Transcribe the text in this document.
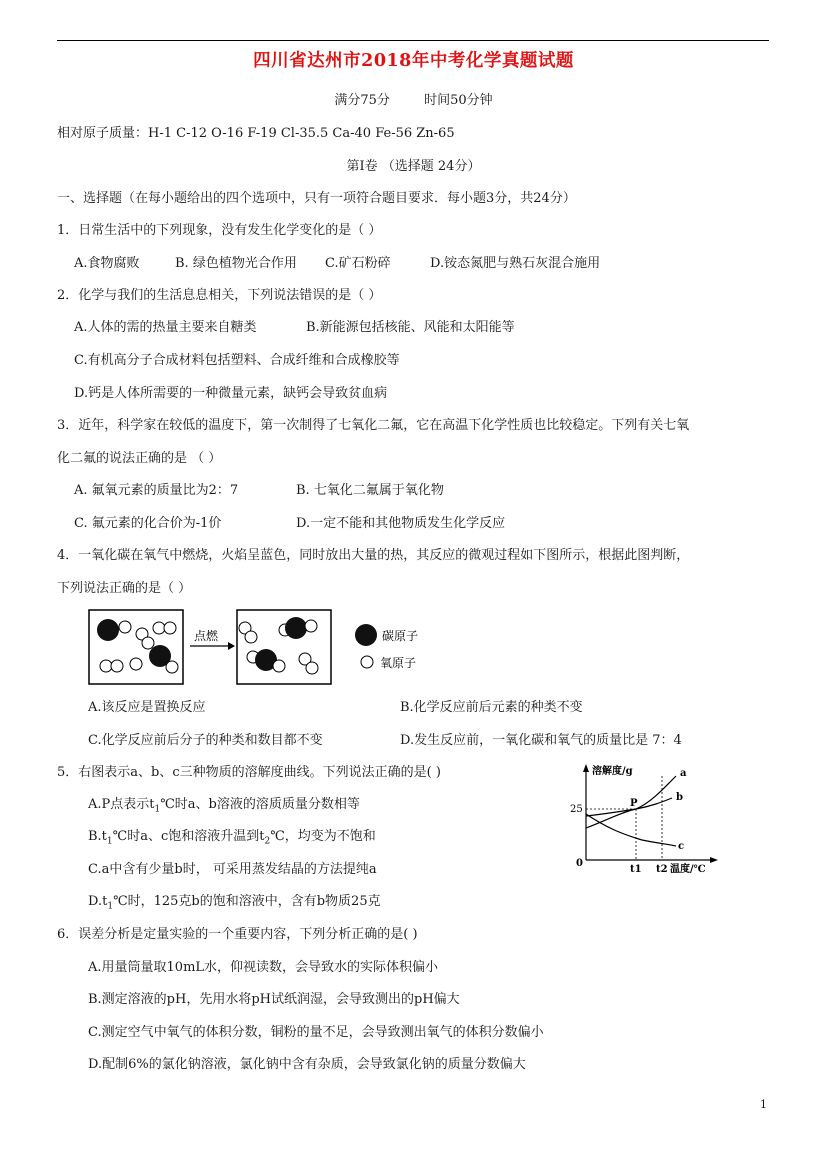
四川省达州市2018年中考化学真题试题
满分75分	时间50分钟
相对原子质量：H-1 C-12 O-16 F-19 Cl-35.5 Ca-40 Fe-56 Zn-65
第Ⅰ卷 （选择题 24分）
一、选择题（在每小题给出的四个选项中，只有一项符合题目要求．每小题3分，共24分）
1．日常生活中的下列现象，没有发生化学变化的是（ ）
A.食物腐败	B. 绿色植物光合作用 C.矿石粉碎	D.铵态氮肥与熟石灰混合施用
2．化学与我们的生活息息相关，下列说法错误的是（ ）
A.人体的需的热量主要来自糖类	B.新能源包括核能、风能和太阳能等
C.有机高分子合成材料包括塑料、合成纤维和合成橡胶等
D.钙是人体所需要的一种微量元素，缺钙会导致贫血病
3．近年，科学家在较低的温度下，第一次制得了七氧化二氟，它在高温下化学性质也比较稳定。下列有关七氧
化二氟的说法正确的是 （ ）
A. 氟氧元素的质量比为2：7	B. 七氧化二氟属于氧化物
C. 氟元素的化合价为-1价	D.一定不能和其他物质发生化学反应
4．一氧化碳在氧气中燃烧，火焰呈蓝色，同时放出大量的热，其反应的微观过程如下图所示，根据此图判断，
下列说法正确的是（ ）
点燃	碳原子
氧原子
A.该反应是置换反应	B.化学反应前后元素的种类不变
C.化学反应前后分子的种类和数目都不变	D.发生反应前，一氧化碳和氧气的质量比是 7：4
5．右图表示a、b、c三种物质的溶解度曲线。下列说法正确的是( )
A.P点表示$t_1℃$时a、b溶液的溶质质量分数相等
$B.t_1℃$时a、c饱和溶液升温到$t_2℃$，均变为不饱和
C.a中含有少量b时， 可采用蒸发结晶的方法提纯a
$D.t_1℃$时，125克b的饱和溶液中，含有b物质25克
溶解度/g
0
25
a
b
c
P
t1 t2 温度/℃
6．误差分析是定量实验的一个重要内容，下列分析正确的是( )
A.用量筒量取10mL水，仰视读数，会导致水的实际体积偏小
B.测定溶液的pH，先用水将pH试纸润湿，会导致测出的pH偏大
C.测定空气中氧气的体积分数，铜粉的量不足，会导致测出氧气的体积分数偏小
D.配制6%的氯化钠溶液，氯化钠中含有杂质，会导致氯化钠的质量分数偏大
1
